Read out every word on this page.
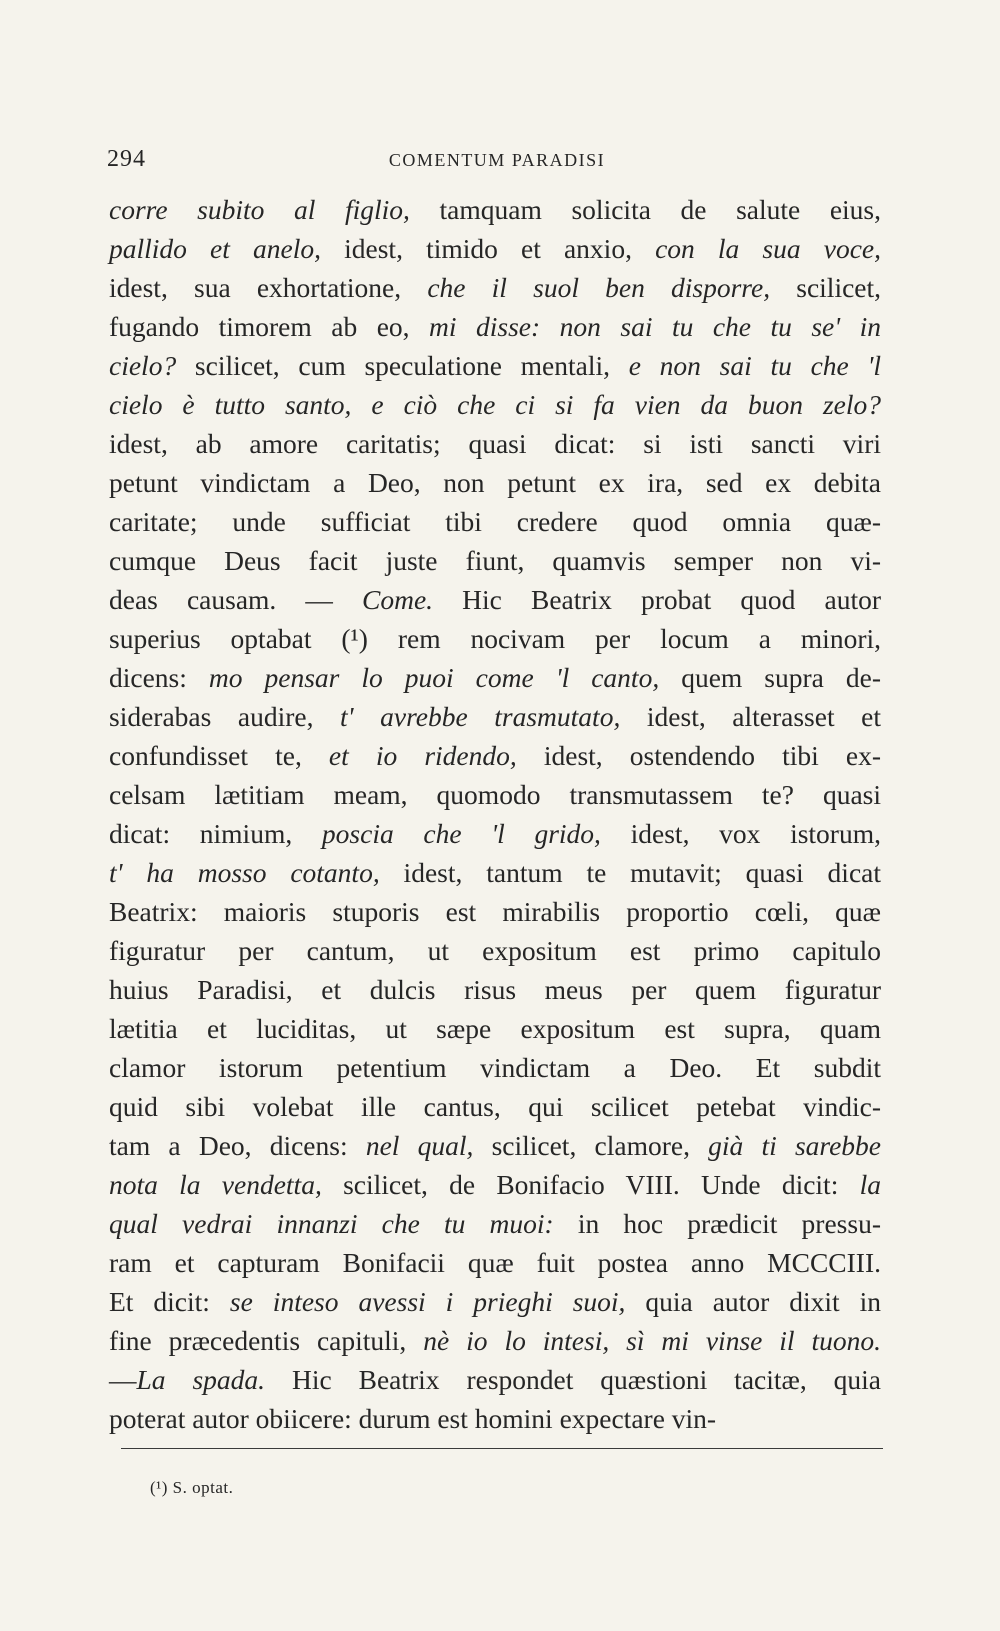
294	COMENTUM PARADISI
corre subito al figlio, tamquam solicita de salute eius,
pallido et anelo, idest, timido et anxio, con la sua voce,
idest, sua exhortatione, che il suol ben disporre, scilicet,
fugando timorem ab eo, mi disse: non sai tu che tu se' in
cielo? scilicet, cum speculatione mentali, e non sai tu che 'l
cielo è tutto santo, e ciò che ci si fa vien da buon zelo?
idest, ab amore caritatis; quasi dicat: si isti sancti viri
petunt vindictam a Deo, non petunt ex ira, sed ex debita
caritate; unde sufficiat tibi credere quod omnia quæ-
cumque Deus facit juste fiunt, quamvis semper non vi-
deas causam. — Come. Hic Beatrix probat quod autor
superius optabat (¹) rem nocivam per locum a minori,
dicens: mo pensar lo puoi come 'l canto, quem supra de-
siderabas audire, t' avrebbe trasmutato, idest, alterasset et
confundisset te, et io ridendo, idest, ostendendo tibi ex-
celsam lætitiam meam, quomodo transmutassem te? quasi
dicat: nimium, poscia che 'l grido, idest, vox istorum,
t' ha mosso cotanto, idest, tantum te mutavit; quasi dicat
Beatrix: maioris stuporis est mirabilis proportio cœli, quæ
figuratur per cantum, ut expositum est primo capitulo
huius Paradisi, et dulcis risus meus per quem figuratur
lætitia et luciditas, ut sæpe expositum est supra, quam
clamor istorum petentium vindictam a Deo. Et subdit
quid sibi volebat ille cantus, qui scilicet petebat vindic-
tam a Deo, dicens: nel qual, scilicet, clamore, già ti sarebbe
nota la vendetta, scilicet, de Bonifacio VIII. Unde dicit: la
qual vedrai innanzi che tu muoi: in hoc prædicit pressu-
ram et capturam Bonifacii quæ fuit postea anno MCCCIII.
Et dicit: se inteso avessi i prieghi suoi, quia autor dixit in
fine præcedentis capituli, nè io lo intesi, sì mi vinse il tuono.
—La spada. Hic Beatrix respondet quæstioni tacitæ, quia
poterat autor obiicere: durum est homini expectare vin-
(¹) S. optat.
